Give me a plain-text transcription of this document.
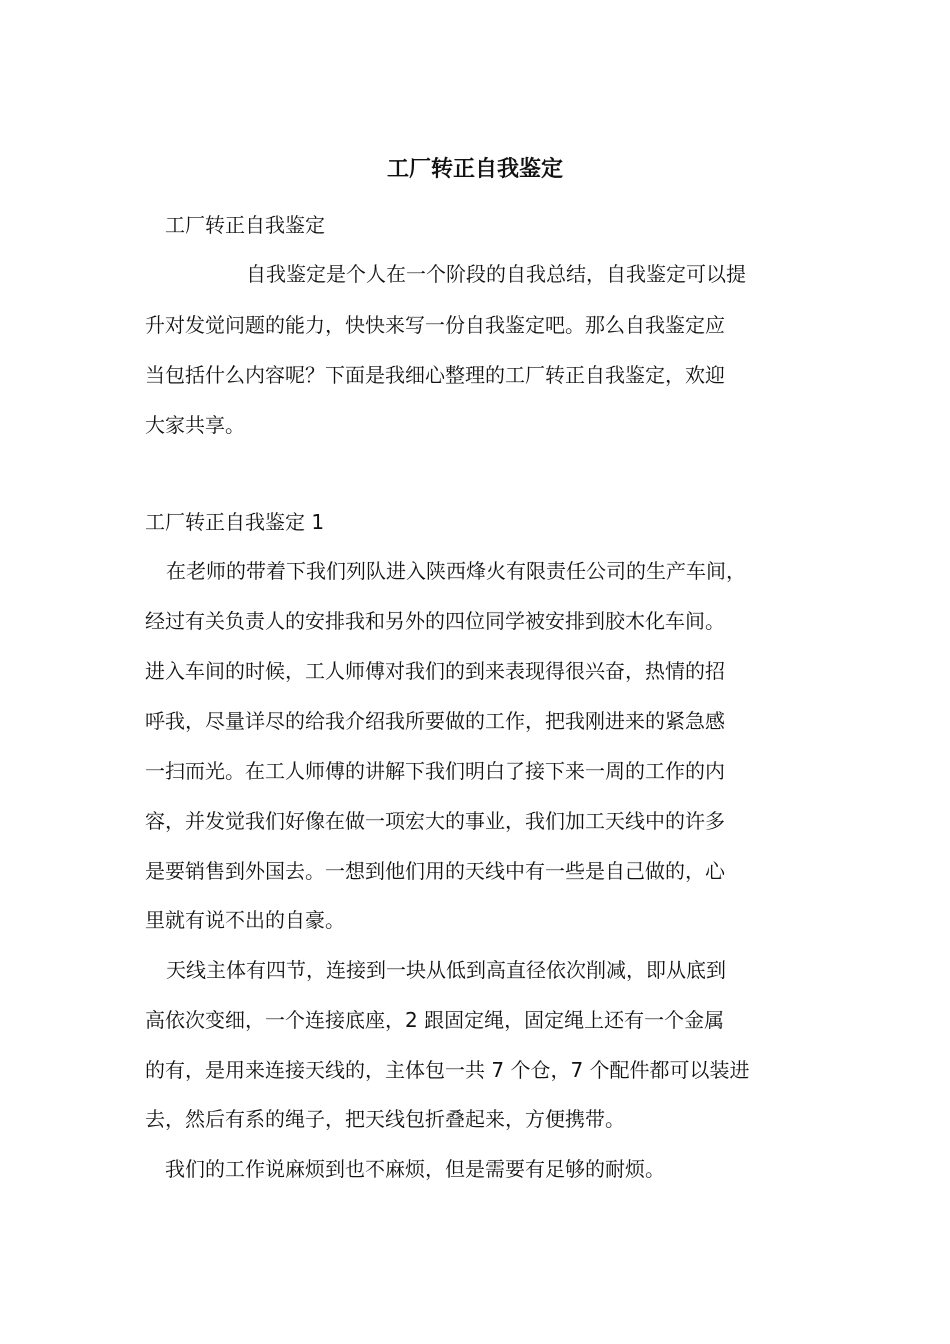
工厂转正自我鉴定
工厂转正自我鉴定
自我鉴定是个人在一个阶段的自我总结，自我鉴定可以提
升对发觉问题的能力，快快来写一份自我鉴定吧。那么自我鉴定应
当包括什么内容呢？下面是我细心整理的工厂转正自我鉴定，欢迎
大家共享。
工厂转正自我鉴定 1
在老师的带着下我们列队进入陕西烽火有限责任公司的生产车间，
经过有关负责人的安排我和另外的四位同学被安排到胶木化车间。
进入车间的时候，工人师傅对我们的到来表现得很兴奋，热情的招
呼我，尽量详尽的给我介绍我所要做的工作，把我刚进来的紧急感
一扫而光。在工人师傅的讲解下我们明白了接下来一周的工作的内
容，并发觉我们好像在做一项宏大的事业，我们加工天线中的许多
是要销售到外国去。一想到他们用的天线中有一些是自己做的，心
里就有说不出的自豪。
天线主体有四节，连接到一块从低到高直径依次削减，即从底到
高依次变细，一个连接底座，2 跟固定绳，固定绳上还有一个金属
的有，是用来连接天线的，主体包一共 7 个仓，7 个配件都可以装进
去，然后有系的绳子，把天线包折叠起来，方便携带。
我们的工作说麻烦到也不麻烦，但是需要有足够的耐烦。
